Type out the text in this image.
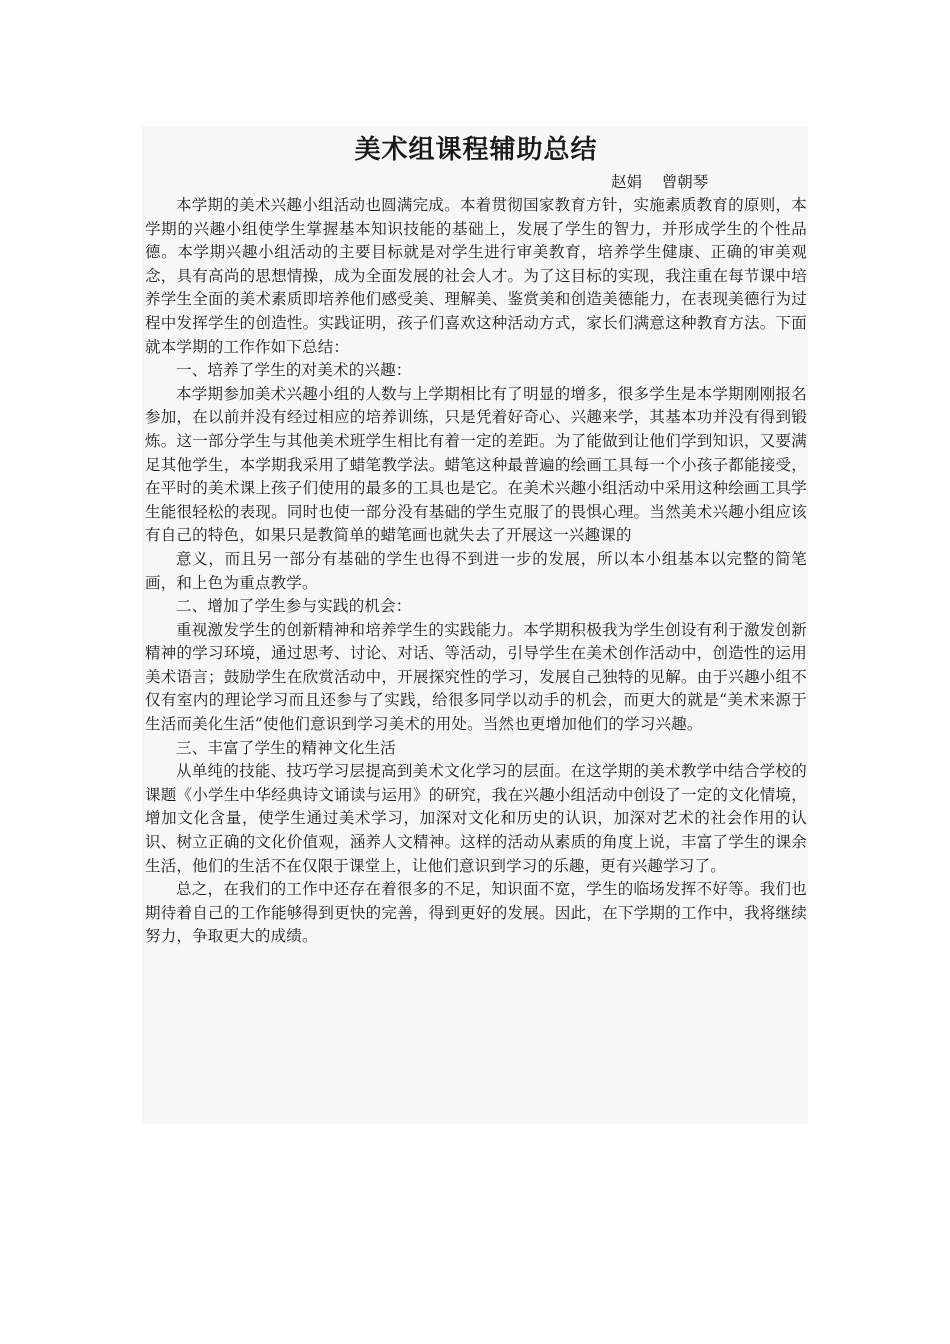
美术组课程辅助总结
赵娟    曾朝琴

本学期的美术兴趣小组活动也圆满完成。本着贯彻国家教育方针，实施素质教育的原则，本学期的兴趣小组使学生掌握基本知识技能的基础上，发展了学生的智力，并形成学生的个性品德。本学期兴趣小组活动的主要目标就是对学生进行审美教育，培养学生健康、正确的审美观念，具有高尚的思想情操，成为全面发展的社会人才。为了这目标的实现，我注重在每节课中培养学生全面的美术素质即培养他们感受美、理解美、鉴赏美和创造美德能力，在表现美德行为过程中发挥学生的创造性。实践证明，孩子们喜欢这种活动方式，家长们满意这种教育方法。下面就本学期的工作作如下总结：

一、培养了学生的对美术的兴趣：

本学期参加美术兴趣小组的人数与上学期相比有了明显的增多，很多学生是本学期刚刚报名参加，在以前并没有经过相应的培养训练，只是凭着好奇心、兴趣来学，其基本功并没有得到锻炼。这一部分学生与其他美术班学生相比有着一定的差距。为了能做到让他们学到知识，又要满足其他学生，本学期我采用了蜡笔教学法。蜡笔这种最普遍的绘画工具每一个小孩子都能接受，在平时的美术课上孩子们使用的最多的工具也是它。在美术兴趣小组活动中采用这种绘画工具学生能很轻松的表现。同时也使一部分没有基础的学生克服了的畏惧心理。当然美术兴趣小组应该有自己的特色，如果只是教简单的蜡笔画也就失去了开展这一兴趣课的

意义，而且另一部分有基础的学生也得不到进一步的发展，所以本小组基本以完整的简笔画，和上色为重点教学。

二、增加了学生参与实践的机会：

重视激发学生的创新精神和培养学生的实践能力。本学期积极我为学生创设有利于激发创新精神的学习环境，通过思考、讨论、对话、等活动，引导学生在美术创作活动中，创造性的运用美术语言；鼓励学生在欣赏活动中，开展探究性的学习，发展自己独特的见解。由于兴趣小组不仅有室内的理论学习而且还参与了实践，给很多同学以动手的机会，而更大的就是“美术来源于生活而美化生活”使他们意识到学习美术的用处。当然也更增加他们的学习兴趣。

三、丰富了学生的精神文化生活

从单纯的技能、技巧学习层提高到美术文化学习的层面。在这学期的美术教学中结合学校的课题《小学生中华经典诗文诵读与运用》的研究，我在兴趣小组活动中创设了一定的文化情境，增加文化含量，使学生通过美术学习，加深对文化和历史的认识，加深对艺术的社会作用的认识、树立正确的文化价值观，涵养人文精神。这样的活动从素质的角度上说，丰富了学生的课余生活，他们的生活不在仅限于课堂上，让他们意识到学习的乐趣，更有兴趣学习了。

总之，在我们的工作中还存在着很多的不足，知识面不宽，学生的临场发挥不好等。我们也期待着自己的工作能够得到更快的完善，得到更好的发展。因此，在下学期的工作中，我将继续努力，争取更大的成绩。
